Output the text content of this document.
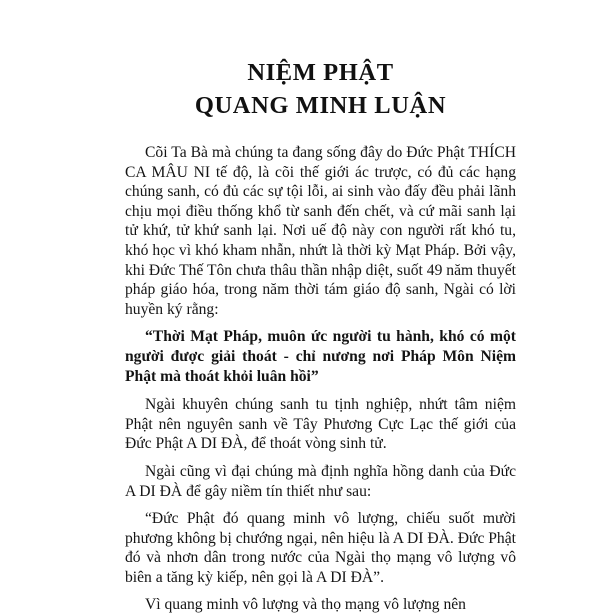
NIỆM PHẬT
QUANG MINH LUẬN

Cõi Ta Bà mà chúng ta đang sống đây do Đức Phật THÍCH CA MÂU NI tế độ, là cõi thế giới ác trược, có đủ các hạng chúng sanh, có đủ các sự tội lỗi, ai sinh vào đấy đều phải lãnh chịu mọi điều thống khổ từ sanh đến chết, và cứ mãi sanh lại tử khứ, tử khứ sanh lại. Nơi uế độ này con người rất khó tu, khó học vì khó kham nhẫn, nhứt là thời kỳ Mạt Pháp. Bởi vậy, khi Đức Thế Tôn chưa thâu thần nhập diệt, suốt 49 năm thuyết pháp giáo hóa, trong năm thời tám giáo độ sanh, Ngài có lời huyền ký rằng:

“Thời Mạt Pháp, muôn ức người tu hành, khó có một người được giải thoát - chỉ nương nơi Pháp Môn Niệm Phật mà thoát khỏi luân hồi”

Ngài khuyên chúng sanh tu tịnh nghiệp, nhứt tâm niệm Phật nên nguyên sanh về Tây Phương Cực Lạc thế giới của Đức Phật A DI ĐÀ, để thoát vòng sinh tử.

Ngài cũng vì đại chúng mà định nghĩa hồng danh của Đức A DI ĐÀ để gây niềm tín thiết như sau:

“Đức Phật đó quang minh vô lượng, chiếu suốt mười phương không bị chướng ngại, nên hiệu là A DI ĐÀ. Đức Phật đó và nhơn dân trong nước của Ngài thọ mạng vô lượng vô biên a tăng kỳ kiếp, nên gọi là A DI ĐÀ”.

Vì quang minh vô lượng và thọ mạng vô lượng nên
